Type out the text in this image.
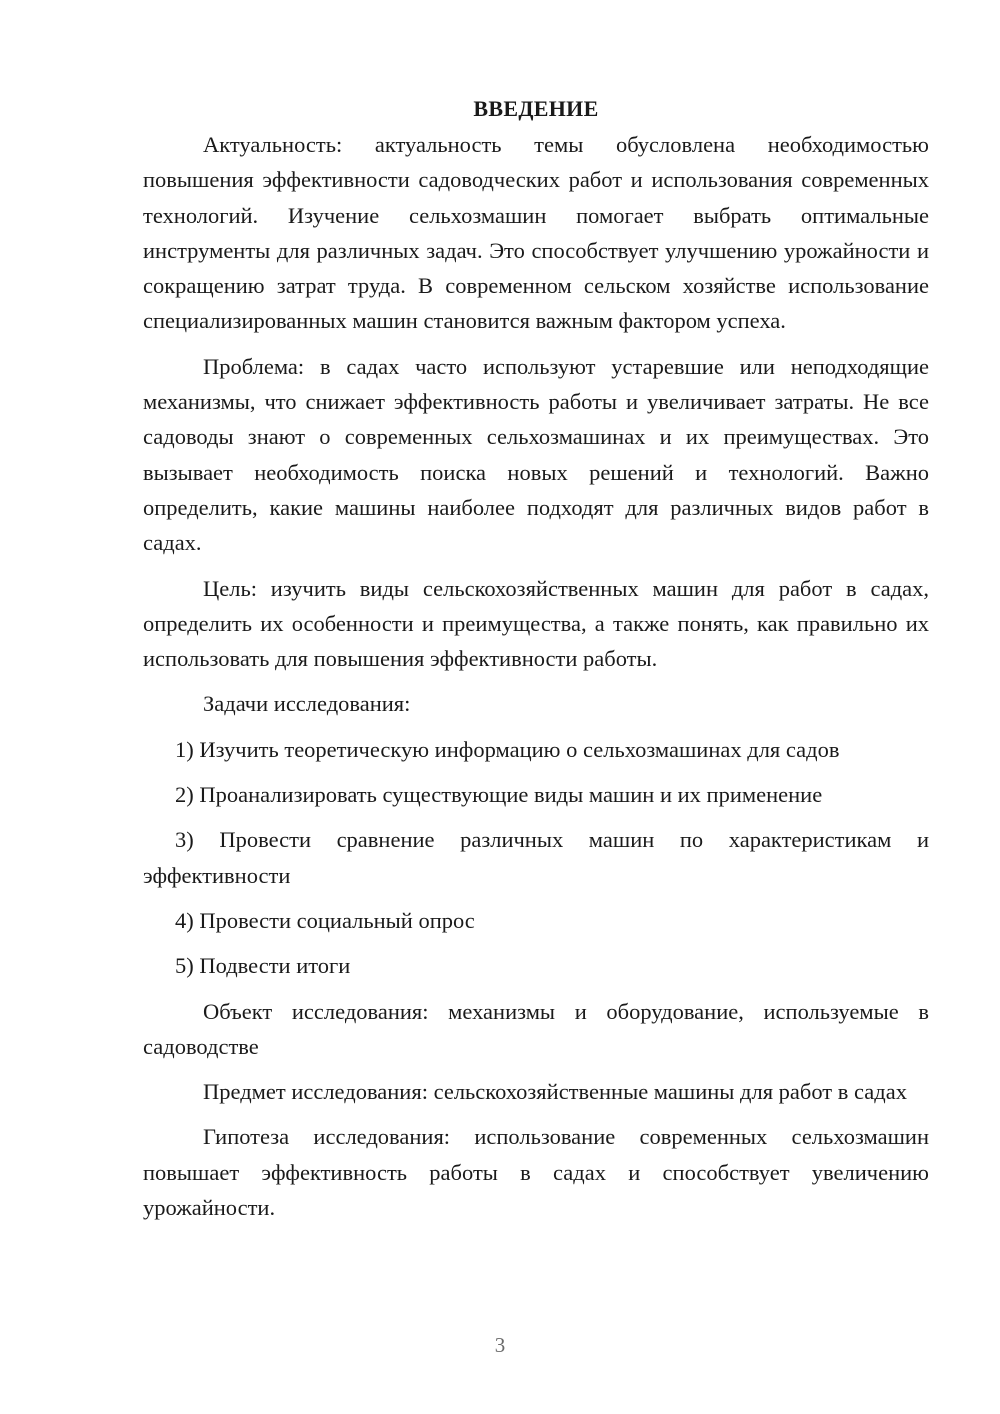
ВВЕДЕНИЕ

Актуальность: актуальность темы обусловлена необходимостью повышения эффективности садоводческих работ и использования современных технологий. Изучение сельхозмашин помогает выбрать оптимальные инструменты для различных задач. Это способствует улучшению урожайности и сокращению затрат труда. В современном сельском хозяйстве использование специализированных машин становится важным фактором успеха.

Проблема: в садах часто используют устаревшие или неподходящие механизмы, что снижает эффективность работы и увеличивает затраты. Не все садоводы знают о современных сельхозмашинах и их преимуществах. Это вызывает необходимость поиска новых решений и технологий. Важно определить, какие машины наиболее подходят для различных видов работ в садах.

Цель: изучить виды сельскохозяйственных машин для работ в садах, определить их особенности и преимущества, а также понять, как правильно их использовать для повышения эффективности работы.

Задачи исследования:

1) Изучить теоретическую информацию о сельхозмашинах для садов

2) Проанализировать существующие виды машин и их применение

3) Провести сравнение различных машин по характеристикам и эффективности

4) Провести социальный опрос

5) Подвести итоги

Объект исследования: механизмы и оборудование, используемые в садоводстве

Предмет исследования: сельскохозяйственные машины для работ в садах

Гипотеза исследования: использование современных сельхозмашин повышает эффективность работы в садах и способствует увеличению урожайности.

3
